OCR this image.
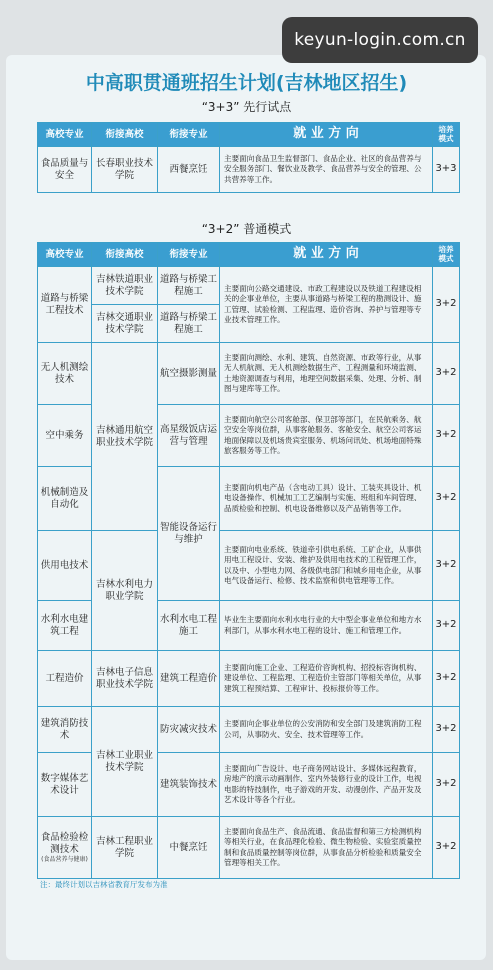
keyun-login.com.cn
中高职贯通班招生计划(吉林地区招生)
“3+3” 先行试点
高校专业	衔接高校	衔接专业	就 业 方 向	培养模式
食品质量与安全	长春职业技术学院	西餐烹饪	主要面向食品卫生监督部门、食品企业、社区的食品营养与安全服务部门、餐饮业及教学、食品营养与安全的管理、公共营养等工作。	3+3
“3+2” 普通模式
高校专业	衔接高校	衔接专业	就 业 方 向	培养模式
道路与桥梁工程技术	吉林铁道职业技术学院	道路与桥梁工程施工	主要面向公路交通建设、市政工程建设以及铁道工程建设相关的企事业单位，主要从事道路与桥梁工程的勘测设计、施工管理、试验检测、工程监理、造价咨询、养护与管理等专业技术管理工作。	3+2
	吉林交通职业技术学院	道路与桥梁工程施工		
无人机测绘技术	吉林通用航空职业技术学院	航空摄影测量	主要面向测绘、水利、建筑、自然资源、市政等行业，从事无人机航测、无人机测绘数据生产、工程测量和环境监测、土地资源调查与利用，地理空间数据采集、处理、分析、制图与建库等工作。	3+2
空中乘务		高星级饭店运营与管理	主要面向航空公司客舱部、保卫部等部门，在民航乘务、航空安全等岗位群，从事客舱服务、客舱安全、航空公司客运地面保障以及机场贵宾室服务、机场问讯处、机场地面特殊旅客服务等工作。	3+2
机械制造及自动化		智能设备运行与维护	主要面向机电产品（含电动工具）设计、工装夹具设计、机电设备操作、机械加工工艺编制与实施、班组和车间管理、品质检验和控制、机电设备维修以及产品销售等工作。	3+2
供用电技术	吉林水利电力职业学院		主要面向电业系统、铁道牵引供电系统、工矿企业，从事供用电工程设计、安装、维护及供用电技术的工程管理工作，以及中、小型电力网、各级供电部门和城乡用电企业，从事电气设备运行、检修、技术监察和供电管理等工作。	3+2
水利水电建筑工程		水利水电工程施工	毕业生主要面向水利水电行业的大中型企事业单位和地方水利部门，从事水利水电工程的设计、施工和管理工作。	3+2
工程造价	吉林电子信息职业技术学院	建筑工程造价	主要面向施工企业、工程造价咨询机构、招投标咨询机构、建设单位、工程监理、工程造价主管部门等相关单位，从事建筑工程预结算、工程审计、投标报价等工作。	3+2
建筑消防技术	吉林工业职业技术学院	防灾减灾技术	主要面向企事业单位的公安消防和安全部门及建筑消防工程公司，从事防火、安全、技术管理等工作。	3+2
数字媒体艺术设计		建筑装饰技术	主要面向广告设计、电子商务网站设计、多媒体远程教育，房地产的演示动画制作、室内外装修行业的设计工作，电视电影的特技制作，电子游戏的开发、动漫创作、产品开发及艺术设计等各个行业。	3+2
食品检验检测技术
(食品营养与健康)	吉林工程职业学院	中餐烹饪	主要面向食品生产、食品流通、食品监督和第三方检测机构等相关行业，在食品理化检验、微生物检验、实验室质量控制和食品质量控制等岗位群，从事食品分析检验和质量安全管理等相关工作。	3+2
注：最终计划以吉林省教育厅发布为准
